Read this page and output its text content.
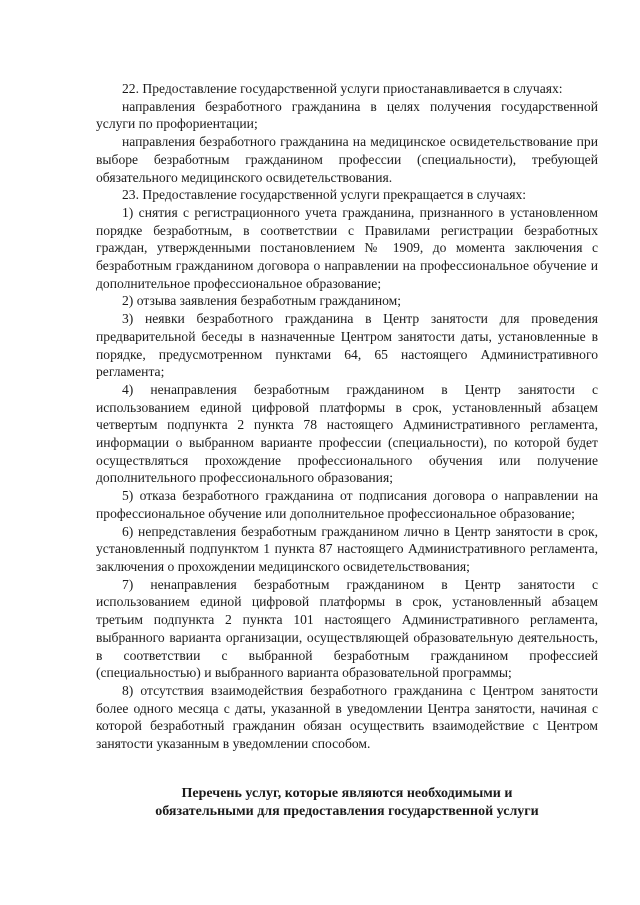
22. Предоставление государственной услуги приостанавливается в случаях:

направления безработного гражданина в целях получения государственной услуги по профориентации;

направления безработного гражданина на медицинское освидетельствование при выборе безработным гражданином профессии (специальности), требующей обязательного медицинского освидетельствования.

23. Предоставление государственной услуги прекращается в случаях:

1) снятия с регистрационного учета гражданина, признанного в установленном порядке безработным, в соответствии с Правилами регистрации безработных граждан, утвержденными постановлением № 1909, до момента заключения с безработным гражданином договора о направлении на профессиональное обучение и дополнительное профессиональное образование;

2) отзыва заявления безработным гражданином;

3) неявки безработного гражданина в Центр занятости для проведения предварительной беседы в назначенные Центром занятости даты, установленные в порядке, предусмотренном пунктами 64, 65 настоящего Административного регламента;

4) ненаправления безработным гражданином в Центр занятости с использованием единой цифровой платформы в срок, установленный абзацем четвертым подпункта 2 пункта 78 настоящего Административного регламента, информации о выбранном варианте профессии (специальности), по которой будет осуществляться прохождение профессионального обучения или получение дополнительного профессионального образования;

5) отказа безработного гражданина от подписания договора о направлении на профессиональное обучение или дополнительное профессиональное образование;

6) непредставления безработным гражданином лично в Центр занятости в срок, установленный подпунктом 1 пункта 87 настоящего Административного регламента, заключения о прохождении медицинского освидетельствования;

7) ненаправления безработным гражданином в Центр занятости с использованием единой цифровой платформы в срок, установленный абзацем третьим подпункта 2 пункта 101 настоящего Административного регламента, выбранного варианта организации, осуществляющей образовательную деятельность, в соответствии с выбранной безработным гражданином профессией (специальностью) и выбранного варианта образовательной программы;

8) отсутствия взаимодействия безработного гражданина с Центром занятости более одного месяца с даты, указанной в уведомлении Центра занятости, начиная с которой безработный гражданин обязан осуществить взаимодействие с Центром занятости указанным в уведомлении способом.

Перечень услуг, которые являются необходимыми и
обязательными для предоставления государственной услуги
